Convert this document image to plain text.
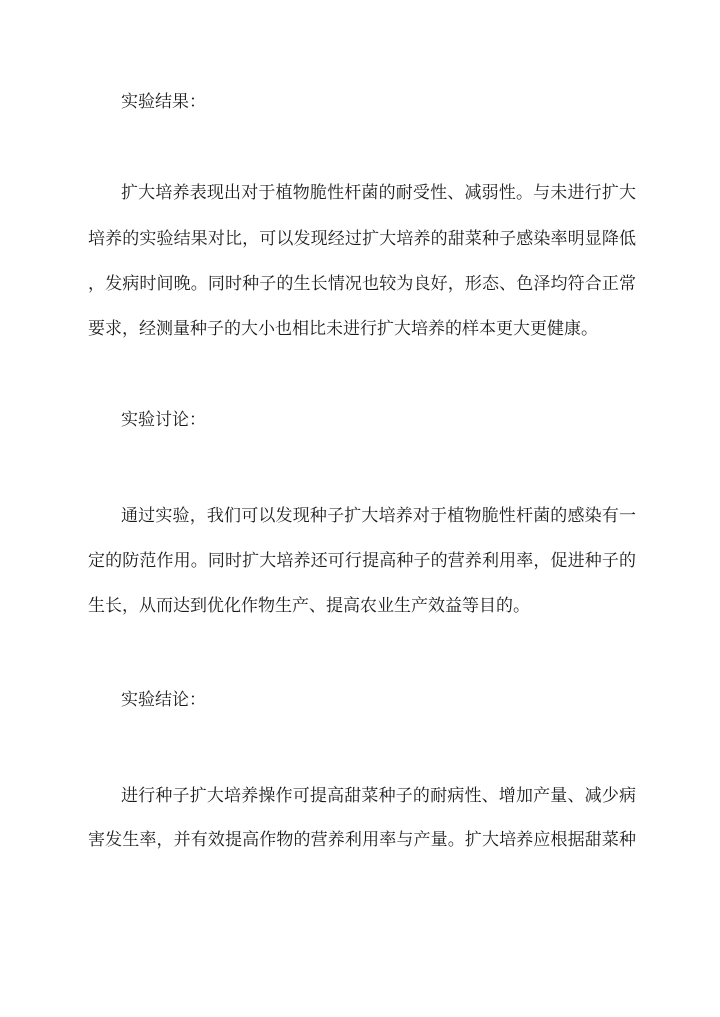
实验结果：
扩大培养表现出对于植物脆性杆菌的耐受性、减弱性。与未进行扩大
培养的实验结果对比，可以发现经过扩大培养的甜菜种子感染率明显降低
，发病时间晚。同时种子的生长情况也较为良好，形态、色泽均符合正常
要求，经测量种子的大小也相比未进行扩大培养的样本更大更健康。
实验讨论：
通过实验，我们可以发现种子扩大培养对于植物脆性杆菌的感染有一
定的防范作用。同时扩大培养还可行提高种子的营养利用率，促进种子的
生长，从而达到优化作物生产、提高农业生产效益等目的。
实验结论：
进行种子扩大培养操作可提高甜菜种子的耐病性、增加产量、减少病
害发生率，并有效提高作物的营养利用率与产量。扩大培养应根据甜菜种
